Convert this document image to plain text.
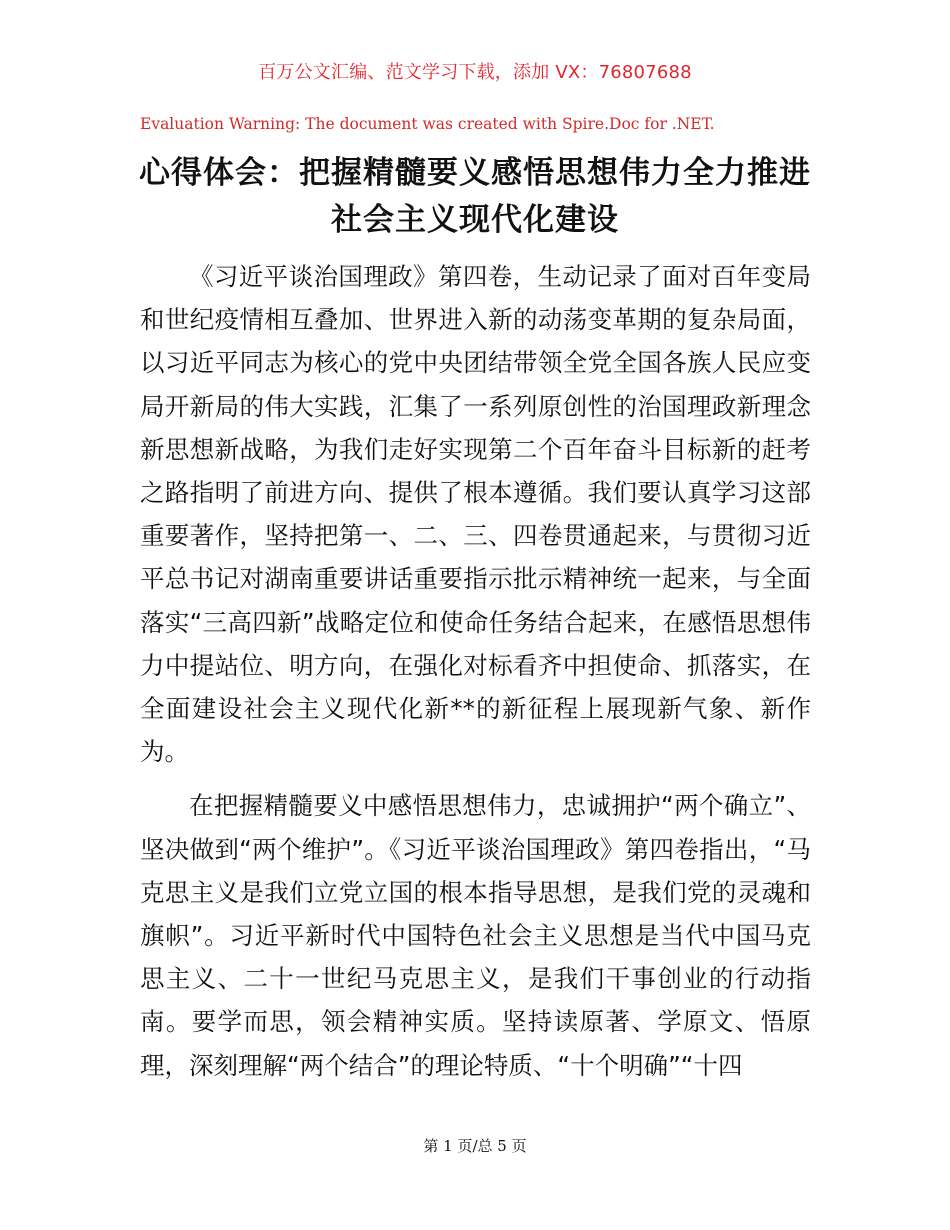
百万公文汇编、范文学习下载，添加 VX：76807688
Evaluation Warning: The document was created with Spire.Doc for .NET.
心得体会：把握精髓要义感悟思想伟力全力推进社会主义现代化建设

《习近平谈治国理政》第四卷，生动记录了面对百年变局和世纪疫情相互叠加、世界进入新的动荡变革期的复杂局面，以习近平同志为核心的党中央团结带领全党全国各族人民应变局开新局的伟大实践，汇集了一系列原创性的治国理政新理念新思想新战略，为我们走好实现第二个百年奋斗目标新的赶考之路指明了前进方向、提供了根本遵循。我们要认真学习这部重要著作，坚持把第一、二、三、四卷贯通起来，与贯彻习近平总书记对湖南重要讲话重要指示批示精神统一起来，与全面落实“三高四新”战略定位和使命任务结合起来，在感悟思想伟力中提站位、明方向，在强化对标看齐中担使命、抓落实，在全面建设社会主义现代化新**的新征程上展现新气象、新作为。

在把握精髓要义中感悟思想伟力，忠诚拥护“两个确立”、坚决做到“两个维护”。《习近平谈治国理政》第四卷指出，“马克思主义是我们立党立国的根本指导思想，是我们党的灵魂和旗帜”。习近平新时代中国特色社会主义思想是当代中国马克思主义、二十一世纪马克思主义，是我们干事创业的行动指南。要学而思，领会精神实质。坚持读原著、学原文、悟原理，深刻理解“两个结合”的理论特质、“十个明确”“十四

第 1 页/总 5 页
